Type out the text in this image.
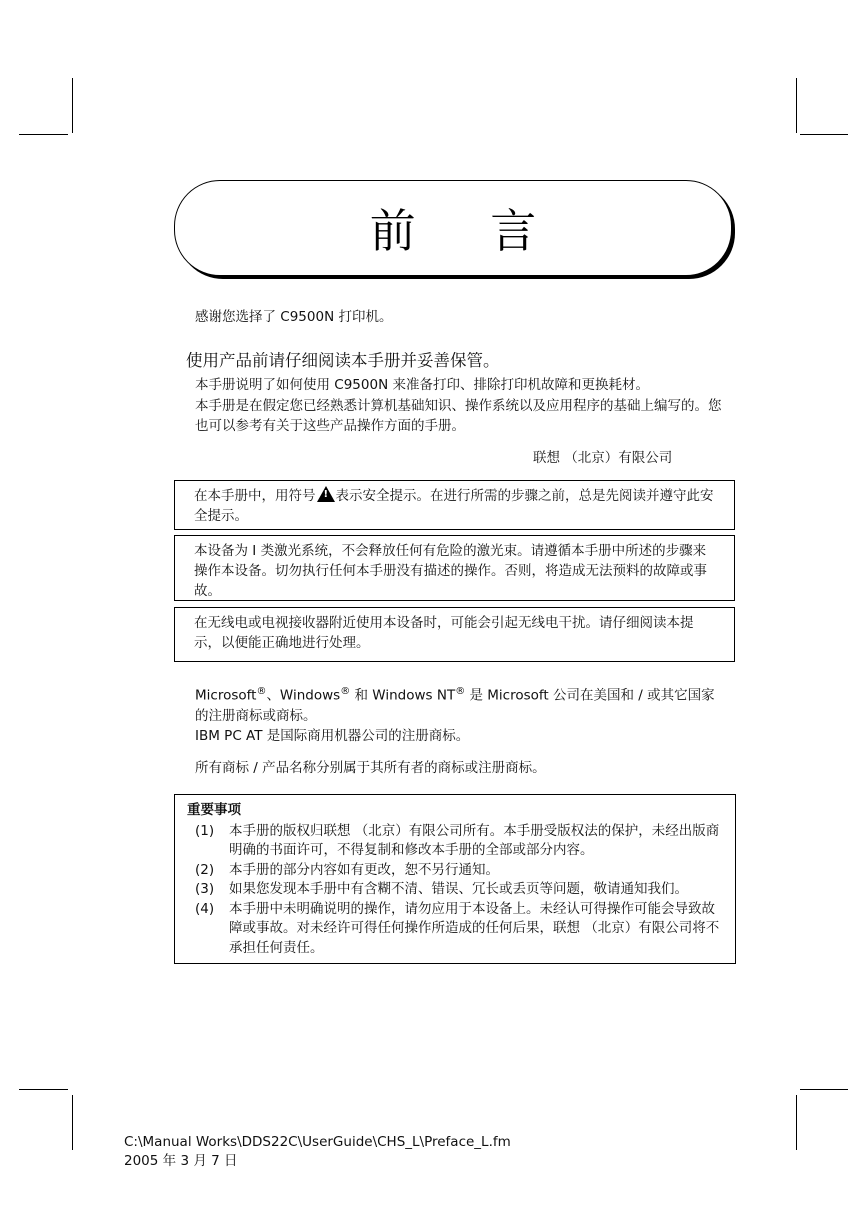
前 言
感谢您选择了 C9500N 打印机。
使用产品前请仔细阅读本手册并妥善保管。
本手册说明了如何使用 C9500N 来准备打印、排除打印机故障和更换耗材。
本手册是在假定您已经熟悉计算机基础知识、操作系统以及应用程序的基础上编写的。您也可以参考有关于这些产品操作方面的手册。
联想 （北京）有限公司
在本手册中，用符号! 表示安全提示。在进行所需的步骤之前，总是先阅读并遵守此安全提示。
本设备为 I 类激光系统，不会释放任何有危险的激光束。请遵循本手册中所述的步骤来操作本设备。切勿执行任何本手册没有描述的操作。否则，将造成无法预料的故障或事故。
在无线电或电视接收器附近使用本设备时，可能会引起无线电干扰。请仔细阅读本提示，以便能正确地进行处理。
Microsoft®、Windows® 和 Windows NT® 是 Microsoft 公司在美国和 / 或其它国家的注册商标或商标。
IBM PC AT 是国际商用机器公司的注册商标。
所有商标 / 产品名称分别属于其所有者的商标或注册商标。
重要事项
(1)	本手册的版权归联想 （北京）有限公司所有。本手册受版权法的保护，未经出版商明确的书面许可，不得复制和修改本手册的全部或部分内容。
(2)	本手册的部分内容如有更改，恕不另行通知。
(3)	如果您发现本手册中有含糊不清、错误、冗长或丢页等问题，敬请通知我们。
(4)	本手册中未明确说明的操作，请勿应用于本设备上。未经认可得操作可能会导致故障或事故。对未经许可得任何操作所造成的任何后果，联想 （北京）有限公司将不承担任何责任。
C:\Manual Works\DDS22C\UserGuide\CHS_L\Preface_L.fm
2005 年 3 月 7 日
